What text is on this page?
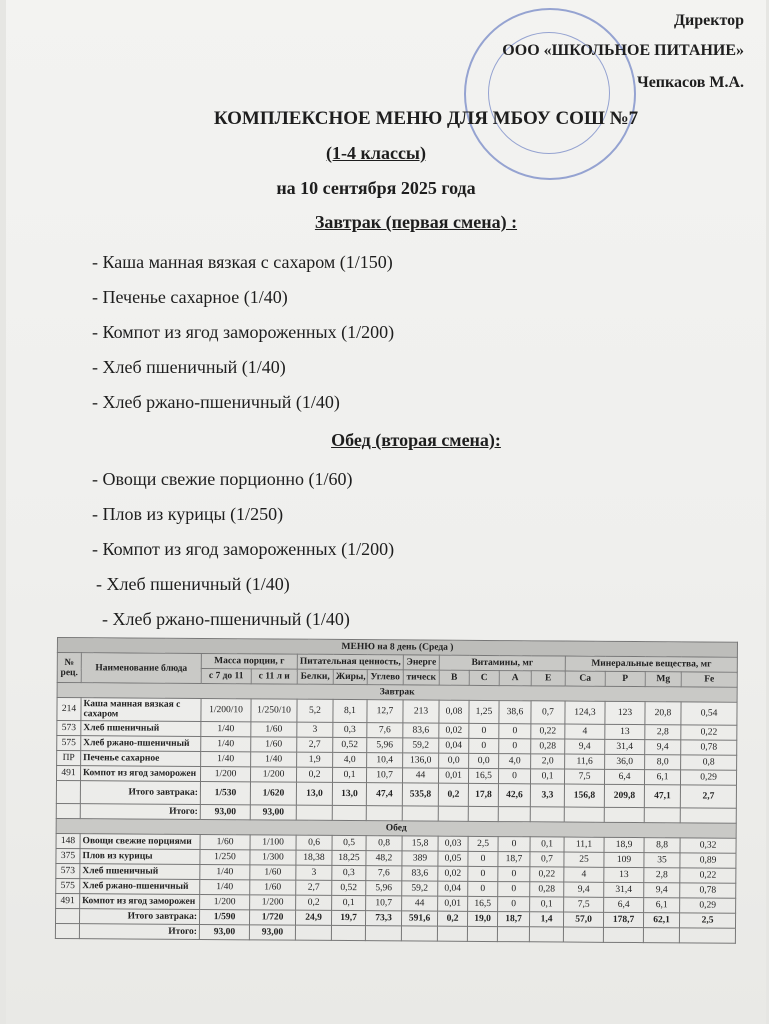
Директор
ООО «ШКОЛЬНОЕ ПИТАНИЕ»
Чепкасов М.А.
КОМПЛЕКСНОЕ МЕНЮ ДЛЯ МБОУ СОШ №7
(1-4 классы)
на 10 сентября 2025 года
Завтрак (первая смена) :
- Каша манная вязкая с сахаром (1/150)
- Печенье сахарное (1/40)
- Компот из ягод замороженных (1/200)
- Хлеб пшеничный (1/40)
- Хлеб ржано-пшеничный (1/40)
Обед (вторая смена):
- Овощи свежие порционно (1/60)
- Плов из курицы (1/250)
- Компот из ягод замороженных (1/200)
- Хлеб пшеничный (1/40)
- Хлеб ржано-пшеничный (1/40)
МЕНЮ на 8 день (Среда )															
№ рец.	Наименование блюда	Масса порции, г		Питательная ценность,			Энерге	Витамины, мг				Минеральные вещества, мг			
		с 7 до 11	с 11 л и	Белки,	Жиры,	Углево	тическ	В	С	А	Е	Са	Р	Mg	Fe
Завтрак															
214	Каша манная вязкая с сахаром	1/200/10	1/250/10	5,2	8,1	12,7	213	0,08	1,25	38,6	0,7	124,3	123	20,8	0,54
573	Хлеб пшеничный	1/40	1/60	3	0,3	7,6	83,6	0,02	0	0	0,22	4	13	2,8	0,22
575	Хлеб ржано-пшеничный	1/40	1/60	2,7	0,52	5,96	59,2	0,04	0	0	0,28	9,4	31,4	9,4	0,78
ПР	Печенье сахарное	1/40	1/40	1,9	4,0	10,4	136,0	0,0	0,0	4,0	2,0	11,6	36,0	8,0	0,8
491	Компот из ягод заморожен	1/200	1/200	0,2	0,1	10,7	44	0,01	16,5	0	0,1	7,5	6,4	6,1	0,29
	Итого завтрака:	1/530	1/620	13,0	13,0	47,4	535,8	0,2	17,8	42,6	3,3	156,8	209,8	47,1	2,7
	Итого:	93,00	93,00												
Обед															
148	Овощи свежие порциями	1/60	1/100	0,6	0,5	0,8	15,8	0,03	2,5	0	0,1	11,1	18,9	8,8	0,32
375	Плов из курицы	1/250	1/300	18,38	18,25	48,2	389	0,05	0	18,7	0,7	25	109	35	0,89
573	Хлеб пшеничный	1/40	1/60	3	0,3	7,6	83,6	0,02	0	0	0,22	4	13	2,8	0,22
575	Хлеб ржано-пшеничный	1/40	1/60	2,7	0,52	5,96	59,2	0,04	0	0	0,28	9,4	31,4	9,4	0,78
491	Компот из ягод заморожен	1/200	1/200	0,2	0,1	10,7	44	0,01	16,5	0	0,1	7,5	6,4	6,1	0,29
	Итого завтрака:	1/590	1/720	24,9	19,7	73,3	591,6	0,2	19,0	18,7	1,4	57,0	178,7	62,1	2,5
	Итого:	93,00	93,00												
